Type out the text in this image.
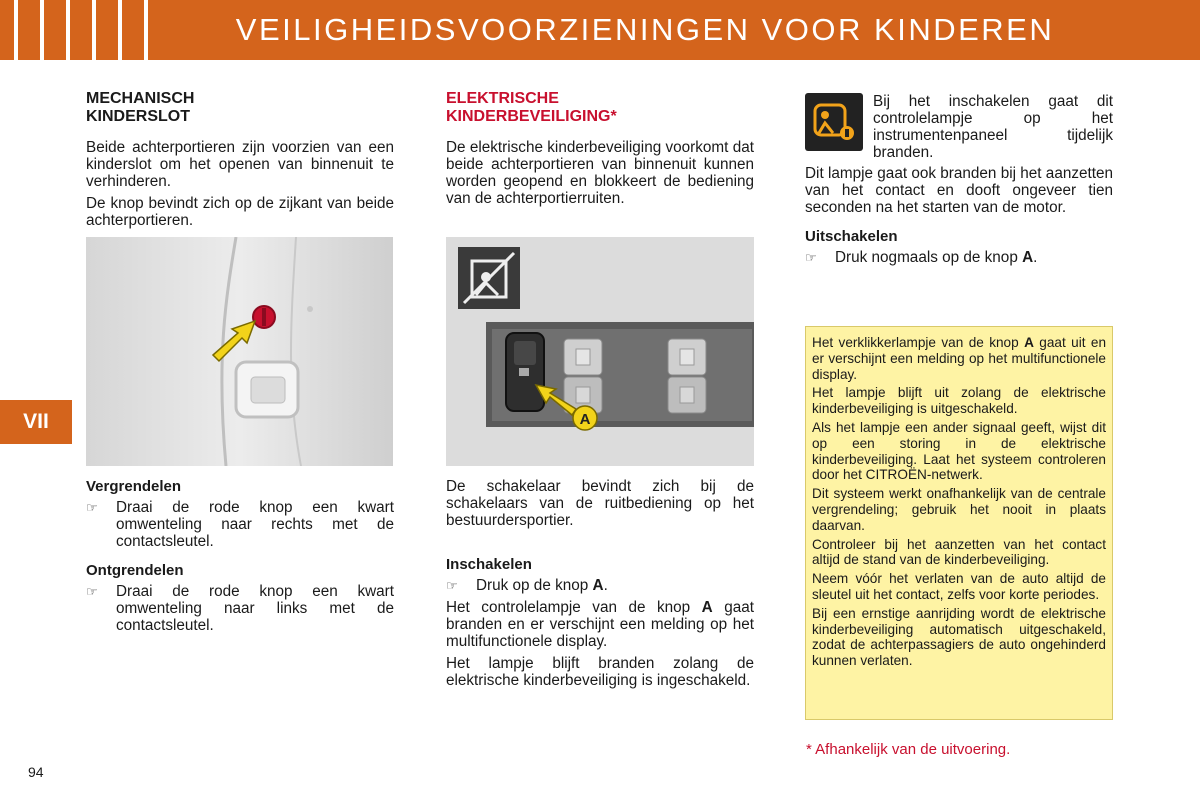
VEILIGHEIDSVOORZIENINGEN VOOR KINDEREN
MECHANISCH
KINDERSLOT

Beide achterportieren zijn voorzien van een kinderslot om het openen van binnenuit te verhinderen.

De knop bevindt zich op de zijkant van beide achterportieren.

Vergrendelen
☞	Draai de rode knop een kwart omwenteling naar rechts met de contactsleutel.
Ontgrendelen
☞	Draai de rode knop een kwart omwenteling naar links met de contactsleutel.
ELEKTRISCHE
KINDERBEVEILIGING*

De elektrische kinderbeveiliging voorkomt dat beide achterportieren van binnenuit kunnen worden geopend en blokkeert de bediening van de achterportierruiten.

A

De schakelaar bevindt zich bij de schakelaars van de ruitbediening op het bestuurdersportier.

Inschakelen
☞	Druk op de knop A.

Het controlelampje van de knop A gaat branden en er verschijnt een melding op het multifunctionele display.

Het lampje blijft branden zolang de elektrische kinderbeveiliging is ingeschakeld.

Bij het inschakelen gaat dit controlelampje op het instrumentenpaneel tijdelijk branden.

Dit lampje gaat ook branden bij het aanzetten van het contact en dooft ongeveer tien seconden na het starten van de motor.

Uitschakelen
☞	Druk nogmaals op de knop A.

Het verklikkerlampje van de knop A gaat uit en er verschijnt een melding op het multifunctionele display.

Het lampje blijft uit zolang de elektrische kinderbeveiliging is uitgeschakeld.

Als het lampje een ander signaal geeft, wijst dit op een storing in de elektrische kinderbeveiliging. Laat het systeem controleren door het CITROËN-netwerk.

Dit systeem werkt onafhankelijk van de centrale vergrendeling; gebruik het nooit in plaats daarvan.

Controleer bij het aanzetten van het contact altijd de stand van de kinderbeveiliging.

Neem vóór het verlaten van de auto altijd de sleutel uit het contact, zelfs voor korte periodes.

Bij een ernstige aanrijding wordt de elektrische kinderbeveiliging automatisch uitgeschakeld, zodat de achterpassagiers de auto ongehinderd kunnen verlaten.

* Afhankelijk van de uitvoering.
VII
94
